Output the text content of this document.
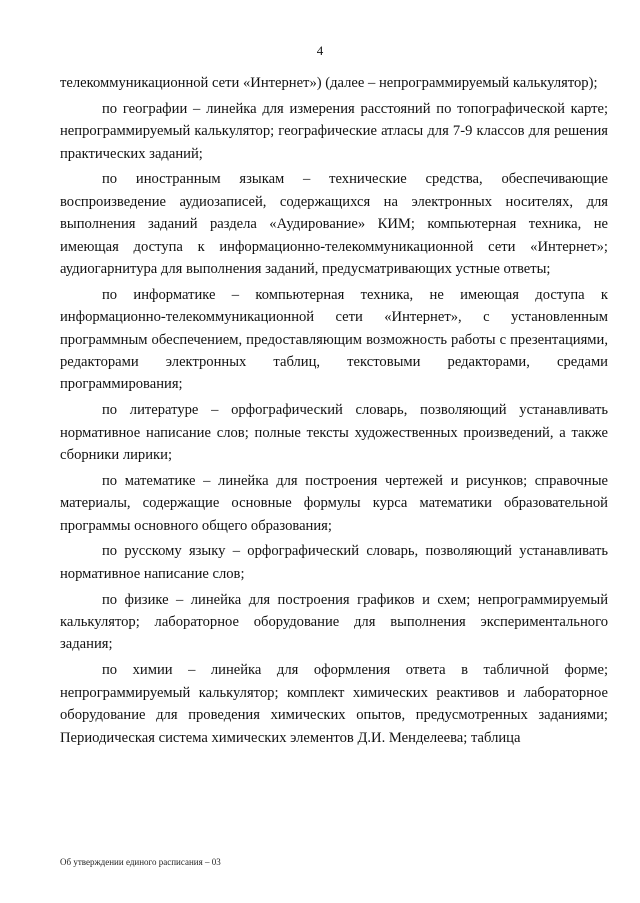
4

телекоммуникационной сети «Интернет») (далее – непрограммируемый калькулятор);

по географии – линейка для измерения расстояний по топографической карте; непрограммируемый калькулятор; географические атласы для 7-9 классов для решения практических заданий;

по иностранным языкам – технические средства, обеспечивающие воспроизведение аудиозаписей, содержащихся на электронных носителях, для выполнения заданий раздела «Аудирование» КИМ; компьютерная техника, не имеющая доступа к информационно-телекоммуникационной сети «Интернет»; аудиогарнитура для выполнения заданий, предусматривающих устные ответы;

по информатике – компьютерная техника, не имеющая доступа к информационно-телекоммуникационной сети «Интернет», с установленным программным обеспечением, предоставляющим возможность работы с презентациями, редакторами электронных таблиц, текстовыми редакторами, средами программирования;

по литературе – орфографический словарь, позволяющий устанавливать нормативное написание слов; полные тексты художественных произведений, а также сборники лирики;

по математике – линейка для построения чертежей и рисунков; справочные материалы, содержащие основные формулы курса математики образовательной программы основного общего образования;

по русскому языку – орфографический словарь, позволяющий устанавливать нормативное написание слов;

по физике – линейка для построения графиков и схем; непрограммируемый калькулятор; лабораторное оборудование для выполнения экспериментального задания;

по химии – линейка для оформления ответа в табличной форме; непрограммируемый калькулятор; комплект химических реактивов и лабораторное оборудование для проведения химических опытов, предусмотренных заданиями; Периодическая система химических элементов Д.И. Менделеева; таблица

Об утверждении единого расписания – 03
